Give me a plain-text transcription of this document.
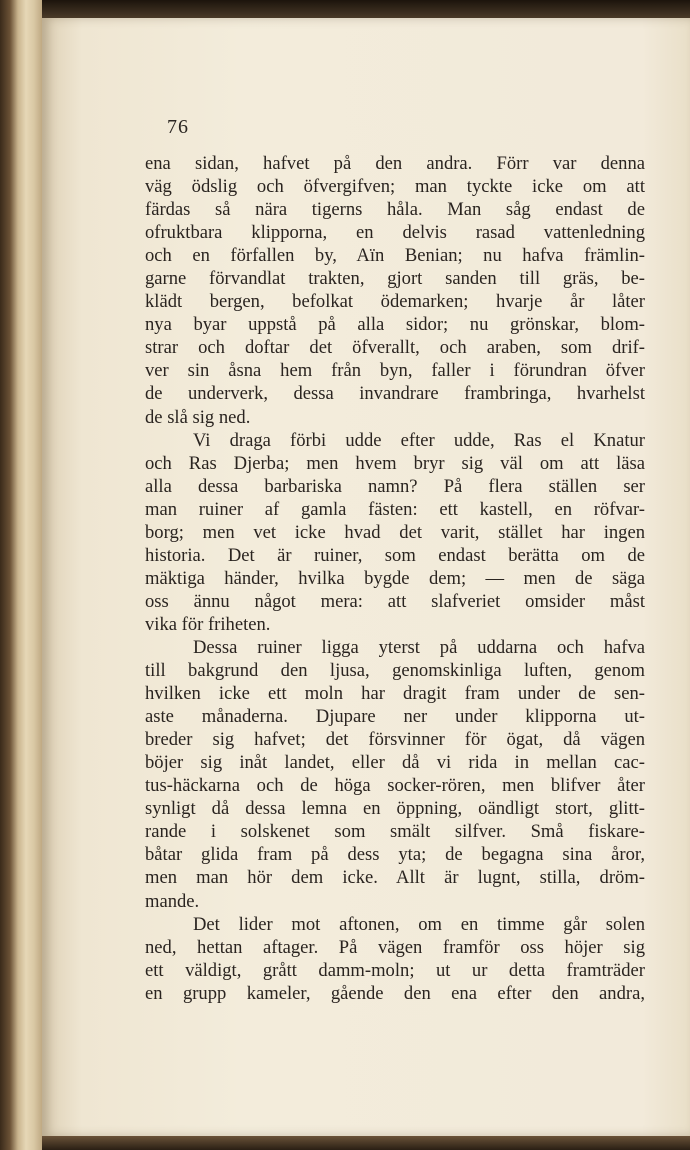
76
ena sidan, hafvet på den andra. Förr var denna
väg ödslig och öfvergifven; man tyckte icke om att
färdas så nära tigerns håla. Man såg endast de
ofruktbara klipporna, en delvis rasad vattenledning
och en förfallen by, Aïn Benian; nu hafva främlin-
garne förvandlat trakten, gjort sanden till gräs, be-
klädt bergen, befolkat ödemarken; hvarje år låter
nya byar uppstå på alla sidor; nu grönskar, blom-
strar och doftar det öfverallt, och araben, som drif-
ver sin åsna hem från byn, faller i förundran öfver
de underverk, dessa invandrare frambringa, hvarhelst
de slå sig ned.
Vi draga förbi udde efter udde, Ras el Knatur
och Ras Djerba; men hvem bryr sig väl om att läsa
alla dessa barbariska namn? På flera ställen ser
man ruiner af gamla fästen: ett kastell, en röfvar-
borg; men vet icke hvad det varit, stället har ingen
historia. Det är ruiner, som endast berätta om de
mäktiga händer, hvilka bygde dem; — men de säga
oss ännu något mera: att slafveriet omsider måst
vika för friheten.
Dessa ruiner ligga yterst på uddarna och hafva
till bakgrund den ljusa, genomskinliga luften, genom
hvilken icke ett moln har dragit fram under de sen-
aste månaderna. Djupare ner under klipporna ut-
breder sig hafvet; det försvinner för ögat, då vägen
böjer sig inåt landet, eller då vi rida in mellan cac-
tus-häckarna och de höga socker-rören, men blifver åter
synligt då dessa lemna en öppning, oändligt stort, glitt-
rande i solskenet som smält silfver. Små fiskare-
båtar glida fram på dess yta; de begagna sina åror,
men man hör dem icke. Allt är lugnt, stilla, dröm-
mande.
Det lider mot aftonen, om en timme går solen
ned, hettan aftager. På vägen framför oss höjer sig
ett väldigt, grått damm-moln; ut ur detta framträder
en grupp kameler, gående den ena efter den andra,
